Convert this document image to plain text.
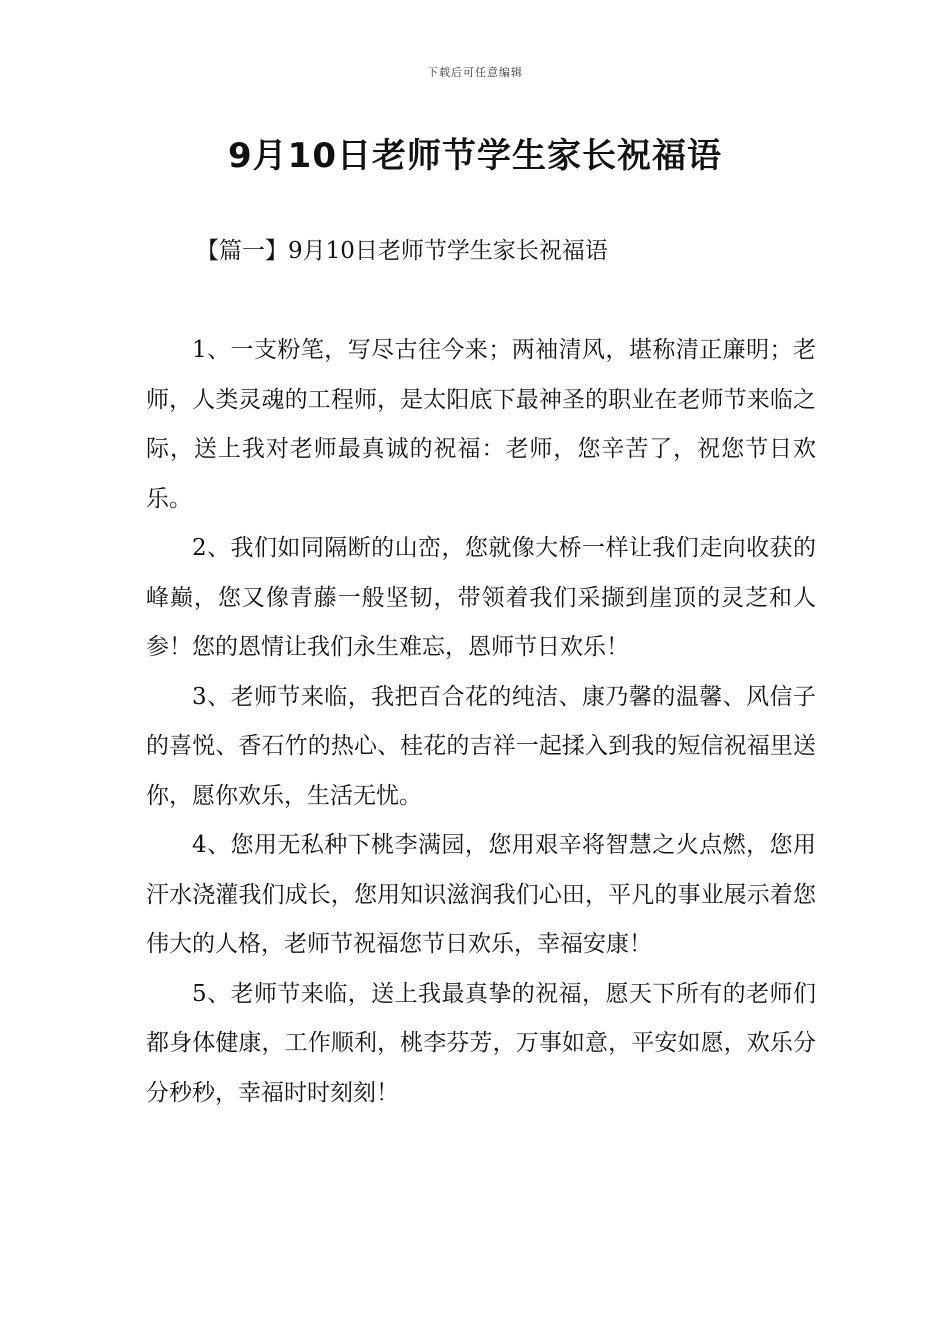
下载后可任意编辑
9月10日老师节学生家长祝福语
【篇一】9月10日老师节学生家长祝福语

1、一支粉笔，写尽古往今来；两袖清风，堪称清正廉明；老师，人类灵魂的工程师，是太阳底下最神圣的职业在老师节来临之际，送上我对老师最真诚的祝福：老师，您辛苦了，祝您节日欢乐。

2、我们如同隔断的山峦，您就像大桥一样让我们走向收获的峰巅，您又像青藤一般坚韧，带领着我们采撷到崖顶的灵芝和人参！您的恩情让我们永生难忘，恩师节日欢乐！

3、老师节来临，我把百合花的纯洁、康乃馨的温馨、风信子的喜悦、香石竹的热心、桂花的吉祥一起揉入到我的短信祝福里送你，愿你欢乐，生活无忧。

4、您用无私种下桃李满园，您用艰辛将智慧之火点燃，您用汗水浇灌我们成长，您用知识滋润我们心田，平凡的事业展示着您伟大的人格，老师节祝福您节日欢乐，幸福安康！

5、老师节来临，送上我最真挚的祝福，愿天下所有的老师们都身体健康，工作顺利，桃李芬芳，万事如意，平安如愿，欢乐分分秒秒，幸福时时刻刻！
